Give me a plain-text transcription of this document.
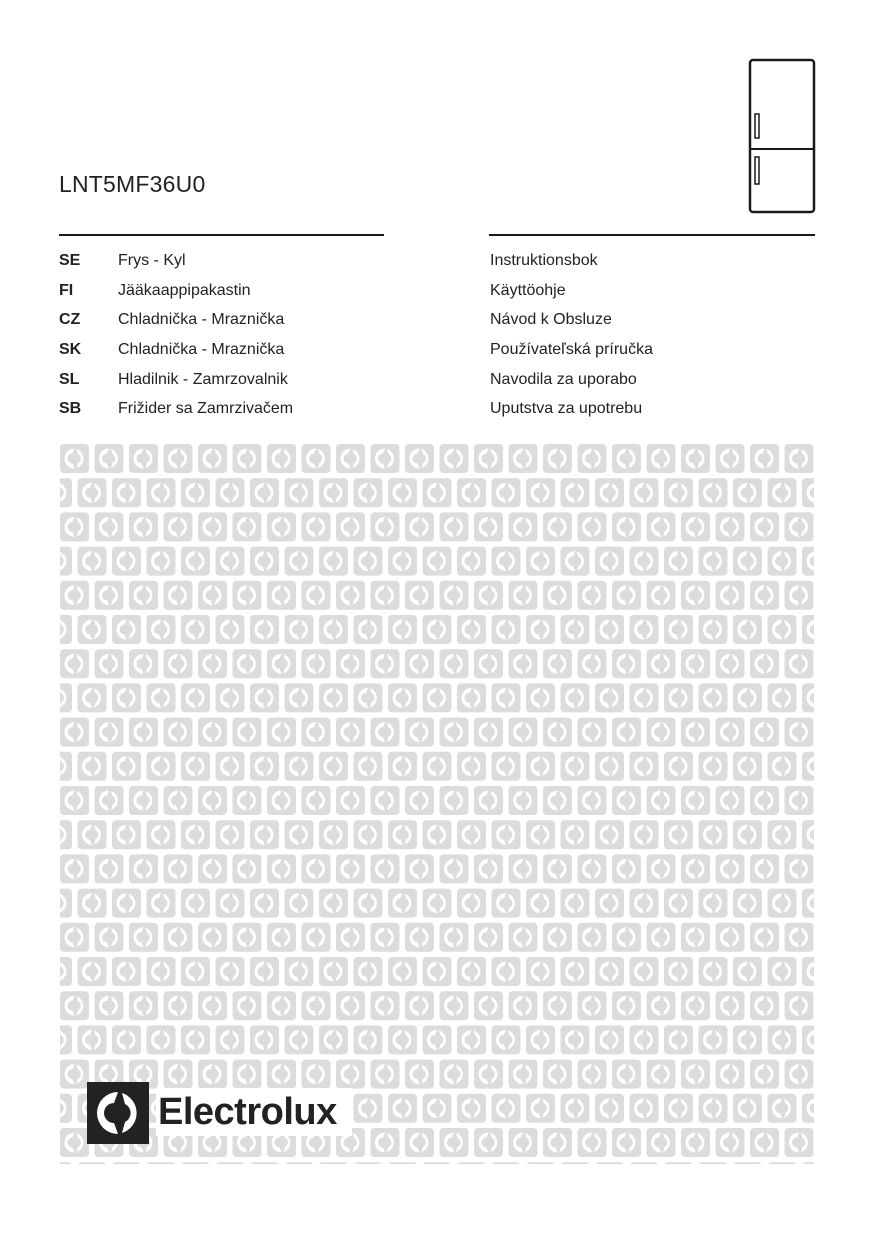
LNT5MF36U0
SE Frys - Kyl	Instruktionsbok
FI	Jääkaappipakastin	Käyttöohje
CZ Chladnička - Mraznička	Návod k Obsluze
SK Chladnička - Mraznička	Používateľská príručka
SL Hladilnik - Zamrzovalnik	Navodila za uporabo
SB Frižider sa Zamrzivačem	Uputstva za upotrebu
Electrolux
